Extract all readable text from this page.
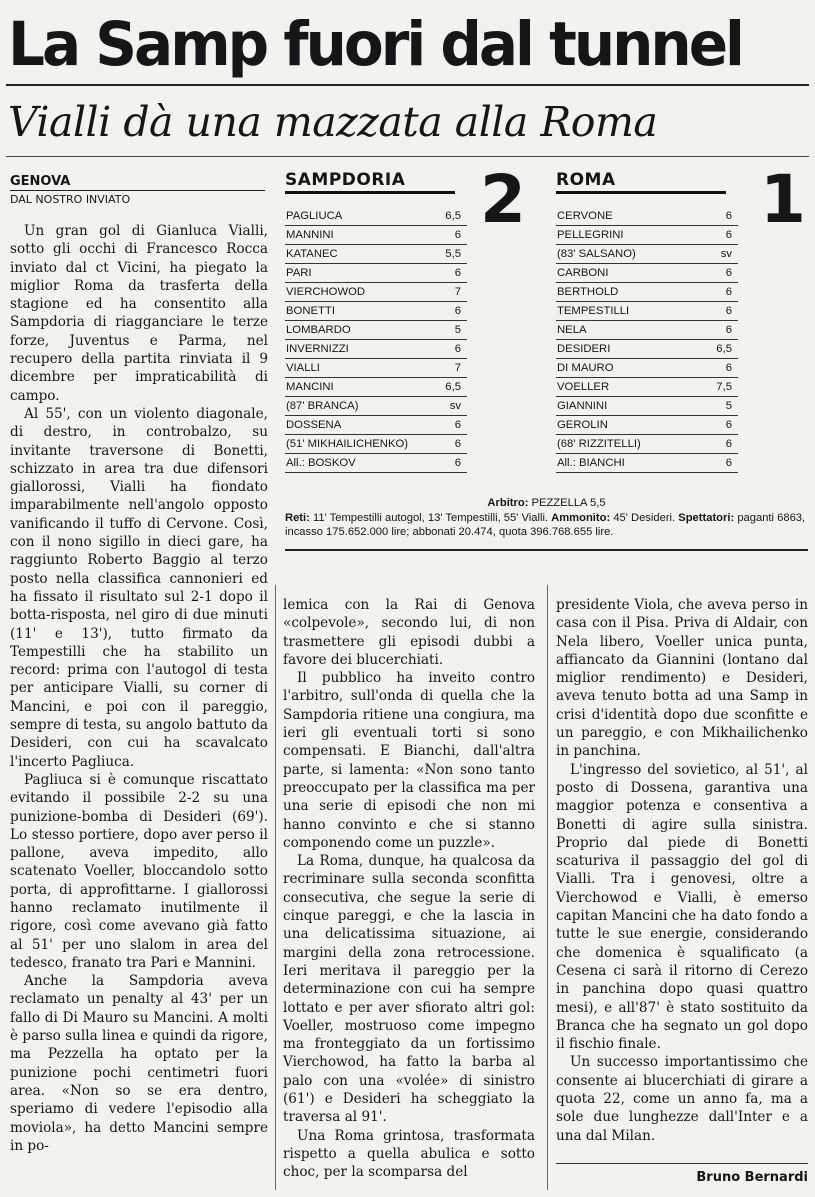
La Samp fuori dal tunnel
Vialli dà una mazzata alla Roma
GENOVA
DAL NOSTRO INVIATO

Un gran gol di Gianluca Vialli, sotto gli occhi di Francesco Rocca inviato dal ct Vicini, ha piegato la miglior Roma da trasferta della stagione ed ha consentito alla Sampdoria di riagganciare le terze forze, Juventus e Parma, nel recupero della partita rinviata il 9 dicembre per impraticabilità di campo.

Al 55', con un violento diagonale, di destro, in controbalzo, su invitante traversone di Bonetti, schizzato in area tra due difensori giallorossi, Vialli ha fiondato imparabilmente nell'angolo opposto vanificando il tuffo di Cervone. Così, con il nono sigillo in dieci gare, ha raggiunto Roberto Baggio al terzo posto nella classifica cannonieri ed ha fissato il risultato sul 2-1 dopo il botta-risposta, nel giro di due minuti (11' e 13'), tutto firmato da Tempestilli che ha stabilito un record: prima con l'autogol di testa per anticipare Vialli, su corner di Mancini, e poi con il pareggio, sempre di testa, su angolo battuto da Desideri, con cui ha scavalcato l'incerto Pagliuca.

Pagliuca si è comunque riscattato evitando il possibile 2-2 su una punizione-bomba di Desideri (69'). Lo stesso portiere, dopo aver perso il pallone, aveva impedito, allo scatenato Voeller, bloccandolo sotto porta, di approfittarne. I giallorossi hanno reclamato inutilmente il rigore, così come avevano già fatto al 51' per uno slalom in area del tedesco, franato tra Pari e Mannini.

Anche la Sampdoria aveva reclamato un penalty al 43' per un fallo di Di Mauro su Mancini. A molti è parso sulla linea e quindi da rigore, ma Pezzella ha optato per la punizione pochi centimetri fuori area. «Non so se era dentro, speriamo di vedere l'episodio alla moviola», ha detto Mancini sempre in po-

SAMPDORIA	2
PAGLIUCA	6,5
MANNINI	6
KATANEC	5,5
PARI	6
VIERCHOWOD	7
BONETTI	6
LOMBARDO	5
INVERNIZZI	6
VIALLI	7
MANCINI	6,5
(87' BRANCA)	sv
DOSSENA	6
(51' MIKHAILICHENKO)	6
All.: BOSKOV	6
ROMA	1
CERVONE	6
PELLEGRINI	6
(83' SALSANO)	sv
CARBONI	6
BERTHOLD	6
TEMPESTILLI	6
NELA	6
DESIDERI	6,5
DI MAURO	6
VOELLER	7,5
GIANNINI	5
GEROLIN	6
(68' RIZZITELLI)	6
All.: BIANCHI	6
Arbitro: PEZZELLA 5,5
Reti: 11' Tempestilli autogol, 13' Tempestilli, 55' Vialli. Ammonito: 45' Desideri. Spettatori: paganti 6863, incasso 175.652.000 lire; abbonati 20.474, quota 396.768.655 lire.

lemica con la Rai di Genova «colpevole», secondo lui, di non trasmettere gli episodi dubbi a favore dei blucerchiati.

Il pubblico ha inveito contro l'arbitro, sull'onda di quella che la Sampdoria ritiene una congiura, ma ieri gli eventuali torti si sono compensati. E Bianchi, dall'altra parte, si lamenta: «Non sono tanto preoccupato per la classifica ma per una serie di episodi che non mi hanno convinto e che si stanno componendo come un puzzle».

La Roma, dunque, ha qualcosa da recriminare sulla seconda sconfitta consecutiva, che segue la serie di cinque pareggi, e che la lascia in una delicatissima situazione, ai margini della zona retrocessione. Ieri meritava il pareggio per la determinazione con cui ha sempre lottato e per aver sfiorato altri gol: Voeller, mostruoso come impegno ma fronteggiato da un fortissimo Vierchowod, ha fatto la barba al palo con una «volée» di sinistro (61') e Desideri ha scheggiato la traversa al 91'.

Una Roma grintosa, trasformata rispetto a quella abulica e sotto choc, per la scomparsa del

presidente Viola, che aveva perso in casa con il Pisa. Priva di Aldair, con Nela libero, Voeller unica punta, affiancato da Giannini (lontano dal miglior rendimento) e Desideri, aveva tenuto botta ad una Samp in crisi d'identità dopo due sconfitte e un pareggio, e con Mikhailichenko in panchina.

L'ingresso del sovietico, al 51', al posto di Dossena, garantiva una maggior potenza e consentiva a Bonetti di agire sulla sinistra. Proprio dal piede di Bonetti scaturiva il passaggio del gol di Vialli. Tra i genovesi, oltre a Vierchowod e Vialli, è emerso capitan Mancini che ha dato fondo a tutte le sue energie, considerando che domenica è squalificato (a Cesena ci sarà il ritorno di Cerezo in panchina dopo quasi quattro mesi), e all'87' è stato sostituito da Branca che ha segnato un gol dopo il fischio finale.

Un successo importantissimo che consente ai blucerchiati di girare a quota 22, come un anno fa, ma a sole due lunghezze dall'Inter e a una dal Milan.

Bruno Bernardi
